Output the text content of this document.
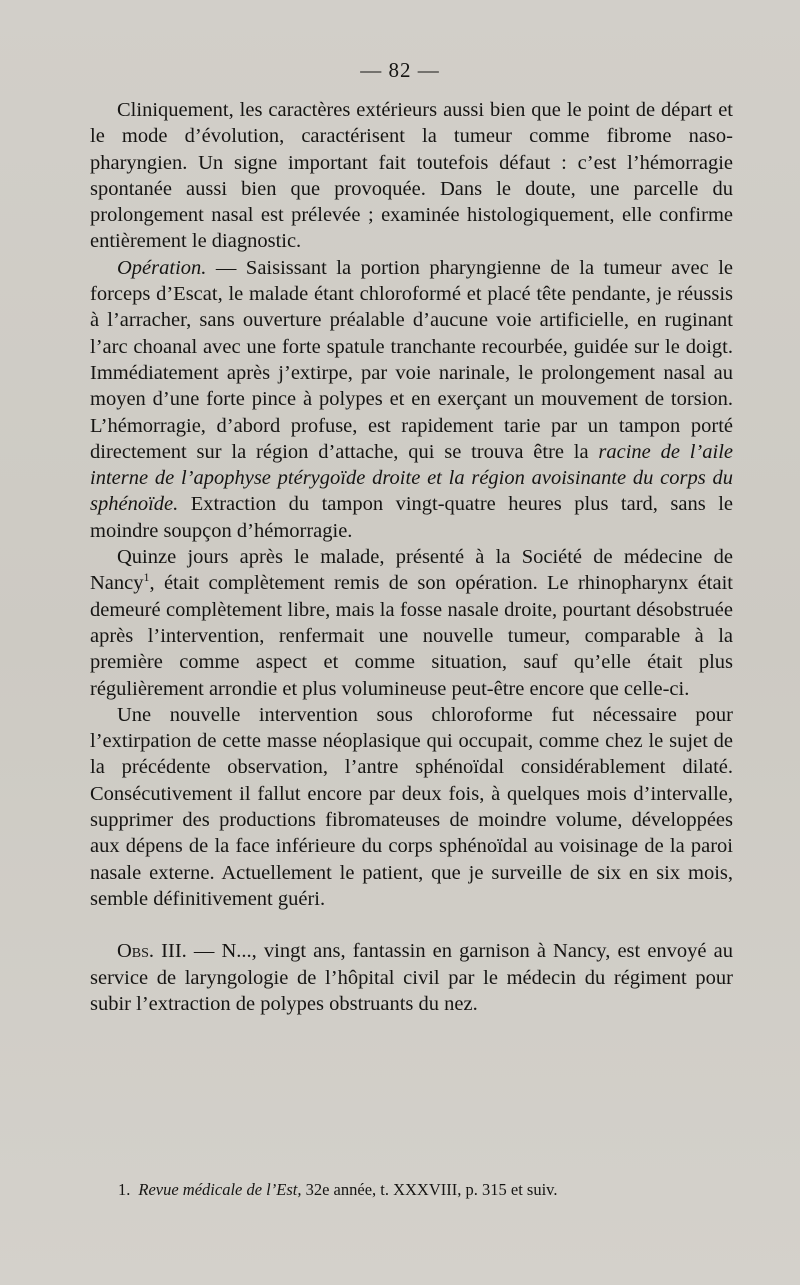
— 82 —

Cliniquement, les caractères extérieurs aussi bien que le point de départ et le mode d’évolution, caractérisent la tumeur comme fibrome naso-pharyngien. Un signe important fait toutefois défaut : c’est l’hémorragie spontanée aussi bien que provoquée. Dans le doute, une parcelle du prolongement nasal est prélevée ; examinée histologiquement, elle confirme entièrement le diagnostic.

Opération. — Saisissant la portion pharyngienne de la tumeur avec le forceps d’Escat, le malade étant chloroformé et placé tête pendante, je réussis à l’arracher, sans ouverture préalable d’aucune voie artificielle, en ruginant l’arc choanal avec une forte spatule tranchante recourbée, guidée sur le doigt. Immédiatement après j’extirpe, par voie narinale, le prolongement nasal au moyen d’une forte pince à polypes et en exerçant un mouvement de torsion. L’hémorragie, d’abord profuse, est rapidement tarie par un tampon porté directement sur la région d’attache, qui se trouva être la racine de l’aile interne de l’apophyse ptérygoïde droite et la région avoisinante du corps du sphénoïde. Extraction du tampon vingt-quatre heures plus tard, sans le moindre soupçon d’hémorragie.

Quinze jours après le malade, présenté à la Société de médecine de Nancy$^1$, était complètement remis de son opération. Le rhinopharynx était demeuré complètement libre, mais la fosse nasale droite, pourtant désobstruée après l’intervention, renfermait une nouvelle tumeur, comparable à la première comme aspect et comme situation, sauf qu’elle était plus régulièrement arrondie et plus volumineuse peut-être encore que celle-ci.

Une nouvelle intervention sous chloroforme fut nécessaire pour l’extirpation de cette masse néoplasique qui occupait, comme chez le sujet de la précédente observation, l’antre sphénoïdal considérablement dilaté. Consécutivement il fallut encore par deux fois, à quelques mois d’intervalle, supprimer des productions fibromateuses de moindre volume, développées aux dépens de la face inférieure du corps sphénoïdal au voisinage de la paroi nasale externe. Actuellement le patient, que je surveille de six en six mois, semble définitivement guéri.

Obs. III. — N..., vingt ans, fantassin en garnison à Nancy, est envoyé au service de laryngologie de l’hôpital civil par le médecin du régiment pour subir l’extraction de polypes obstruants du nez.

1. Revue médicale de l’Est, 32e année, t. XXXVIII, p. 315 et suiv.
